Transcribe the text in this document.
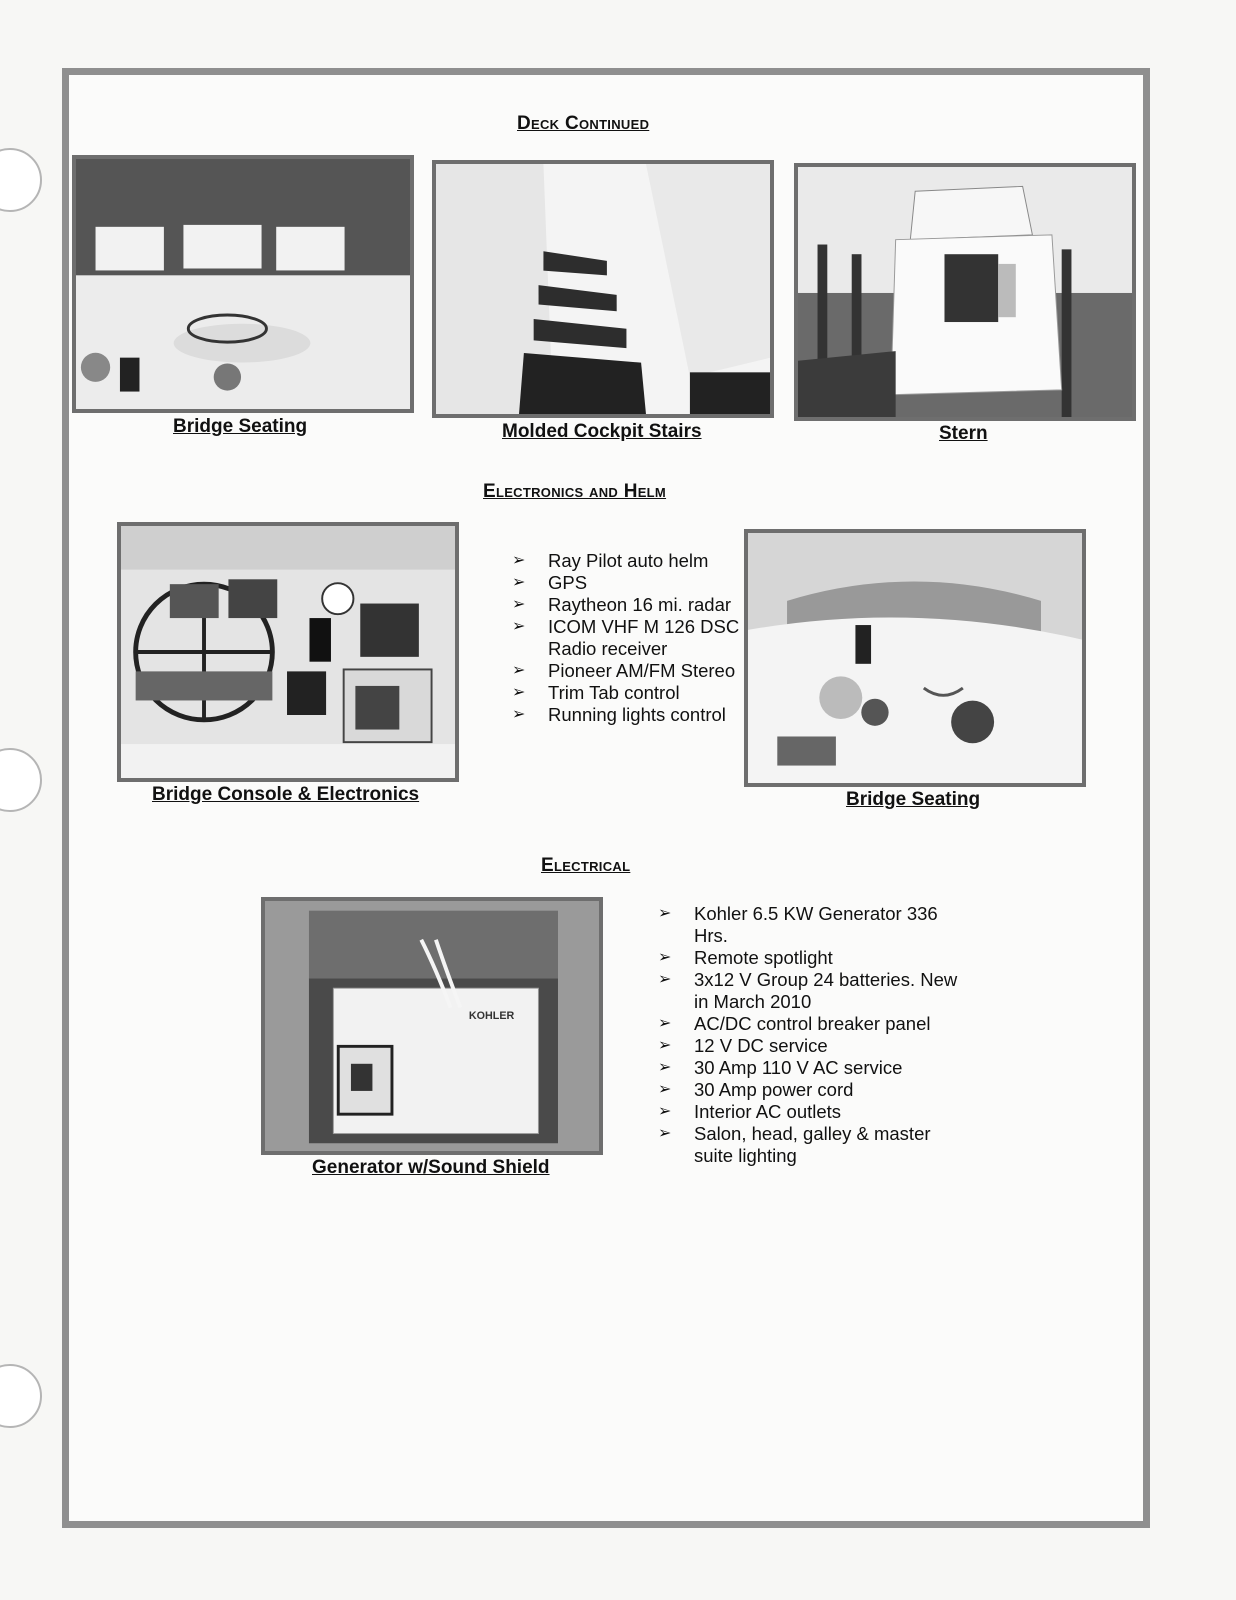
Deck Continued
Bridge Seating	Molded Cockpit Stairs	Stern
Electronics and Helm
Bridge Console & Electronics
➢ Ray Pilot auto helm
➢ GPS
➢ Raytheon 16 mi. radar
➢ ICOM VHF M 126 DSC Radio receiver
➢ Pioneer AM/FM Stereo
➢ Trim Tab control
➢ Running lights control
Bridge Seating
Electrical
KOHLER
Generator w/Sound Shield
➢ Kohler 6.5 KW Generator 336 Hrs.
➢ Remote spotlight
➢ 3x12 V Group 24 batteries. New in March 2010
➢ AC/DC control breaker panel
➢ 12 V DC service
➢ 30 Amp 110 V AC service
➢ 30 Amp power cord
➢ Interior AC outlets
➢ Salon, head, galley & master suite lighting
